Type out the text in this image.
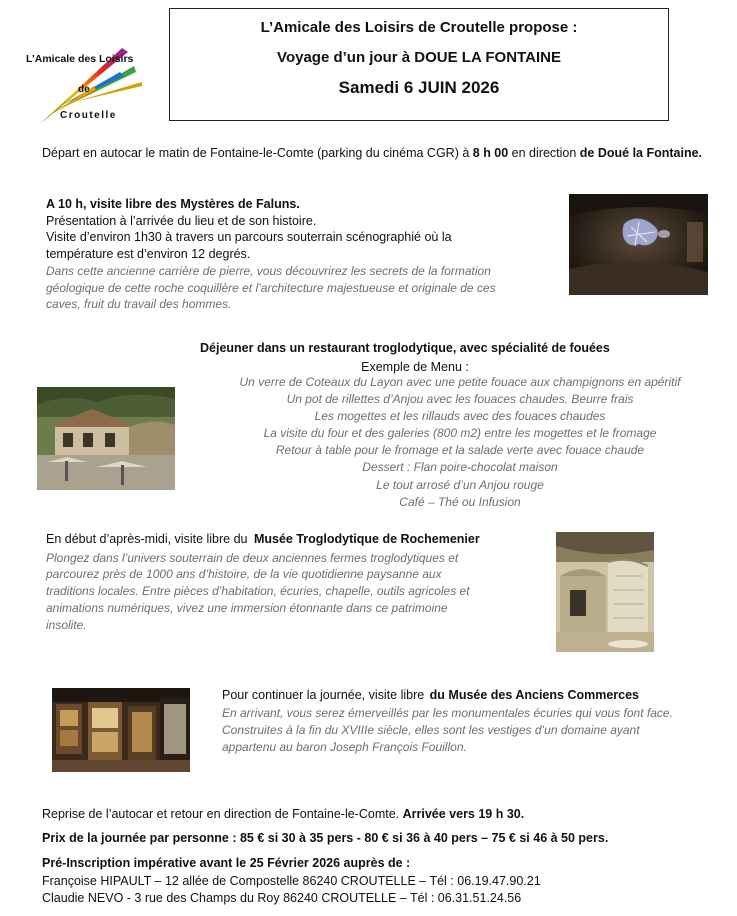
L’Amicale des Loisirs de Croutelle propose :
Voyage d’un jour à DOUE LA FONTAINE
Samedi 6 JUIN 2026
L’Amicale des Loisirs
de
Croutelle
Départ en autocar le matin de Fontaine-le-Comte (parking du cinéma CGR) à 8 h 00 en direction de Doué la Fontaine.
A 10 h, visite libre des Mystères de Faluns.
Présentation à l’arrivée du lieu et de son histoire.
Visite d’environ 1h30 à travers un parcours souterrain scénographié où la
température est d’environ 12 degrés.
Dans cette ancienne carrière de pierre, vous découvrirez les secrets de la formation
géologique de cette roche coquillère et l’architecture majestueuse et originale de ces
caves, fruit du travail des hommes.
Déjeuner dans un restaurant troglodytique, avec spécialité de fouées
Exemple de Menu :
Un verre de Coteaux du Layon avec une petite fouace aux champignons en apéritif
Un pot de rillettes d’Anjou avec les fouaces chaudes. Beurre frais
Les mogettes et les rillauds avec des fouaces chaudes
La visite du four et des galeries (800 m2) entre les mogettes et le fromage
Retour à table pour le fromage et la salade verte avec fouace chaude
Dessert : Flan poire-chocolat maison
Le tout arrosé d’un Anjou rouge
Café – Thé ou Infusion
En début d’après-midi, visite libre du Musée Troglodytique de Rochemenier
Plongez dans l’univers souterrain de deux anciennes fermes troglodytiques et
parcourez près de 1000 ans d’histoire, de la vie quotidienne paysanne aux
traditions locales. Entre pièces d’habitation, écuries, chapelle, outils agricoles et
animations numériques, vivez une immersion étonnante dans ce patrimoine
insolite.
Pour continuer la journée, visite libre du Musée des Anciens Commerces
En arrivant, vous serez émerveillés par les monumentales écuries qui vous font face.
Construites à la fin du XVIIIe siècle, elles sont les vestiges d’un domaine ayant
appartenu au baron Joseph François Fouillon.
Reprise de l’autocar et retour en direction de Fontaine-le-Comte. Arrivée vers 19 h 30.
Prix de la journée par personne : 85 € si 30 à 35 pers - 80 € si 36 à 40 pers – 75 € si 46 à 50 pers.
Pré-Inscription impérative avant le 25 Février 2026 auprès de :
Françoise HIPAULT – 12 allée de Compostelle 86240 CROUTELLE – Tél : 06.19.47.90.21
Claudie NEVO - 3 rue des Champs du Roy 86240 CROUTELLE – Tél : 06.31.51.24.56
